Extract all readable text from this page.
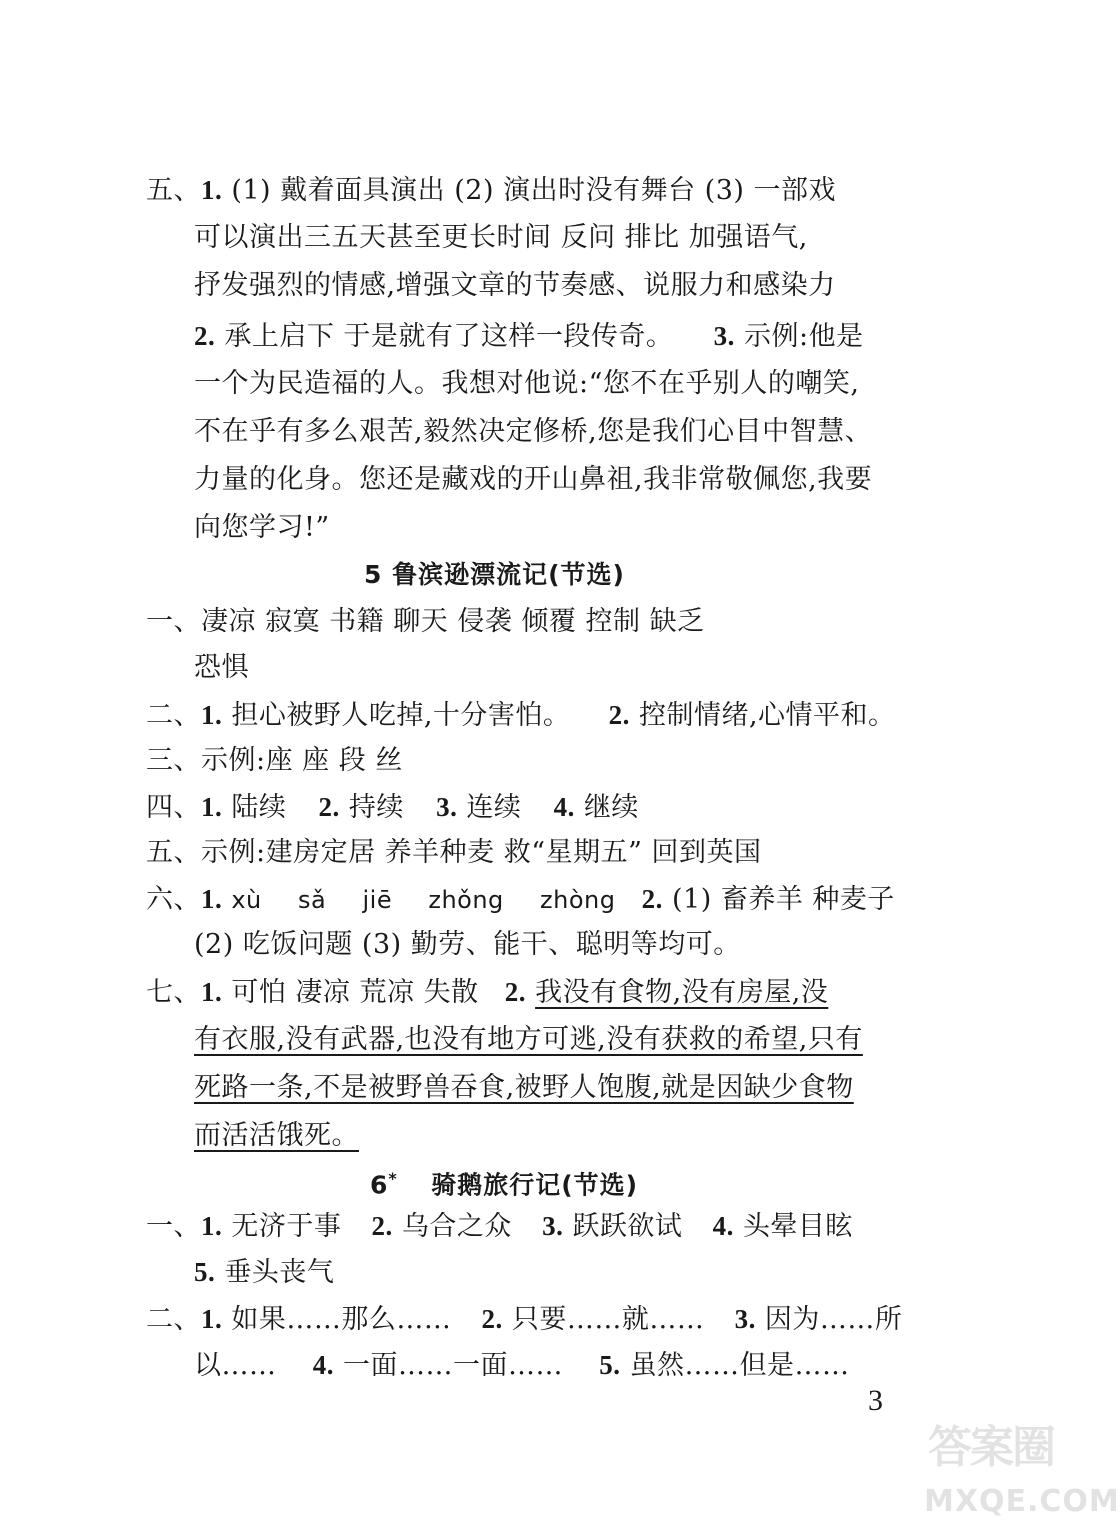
五、1. (1) 戴着面具演出 (2) 演出时没有舞台 (3) 一部戏
可以演出三五天甚至更长时间 反问 排比 加强语气,
抒发强烈的情感,增强文章的节奏感、说服力和感染力
2. 承上启下 于是就有了这样一段传奇。 3. 示例:他是
一个为民造福的人。我想对他说:“您不在乎别人的嘲笑,
不在乎有多么艰苦,毅然决定修桥,您是我们心目中智慧、
力量的化身。您还是藏戏的开山鼻祖,我非常敬佩您,我要
向您学习!”
5 鲁滨逊漂流记(节选)
一、凄凉 寂寞 书籍 聊天 侵袭 倾覆 控制 缺乏
恐惧
二、1. 担心被野人吃掉,十分害怕。 2. 控制情绪,心情平和。
三、示例:座 座 段 丝
四、1. 陆续 2. 持续 3. 连续 4. 继续
五、示例:建房定居 养羊种麦 救“星期五” 回到英国
六、1. xù  sǎ  jiē  zhǒng  zhòng 2. (1) 畜养羊 种麦子
(2) 吃饭问题 (3) 勤劳、能干、聪明等均可。
七、1. 可怕 凄凉 荒凉 失散 2. 我没有食物,没有房屋,没
有衣服,没有武器,也没有地方可逃,没有获救的希望,只有
死路一条,不是被野兽吞食,被野人饱腹,就是因缺少食物
而活活饿死。
6* 骑鹅旅行记(节选)
一、1. 无济于事 2. 乌合之众 3. 跃跃欲试 4. 头晕目眩
5. 垂头丧气
二、1. 如果……那么…… 2. 只要……就…… 3. 因为……所
以…… 4. 一面……一面…… 5. 虽然……但是……
3
答案圈
MXQE.COM
